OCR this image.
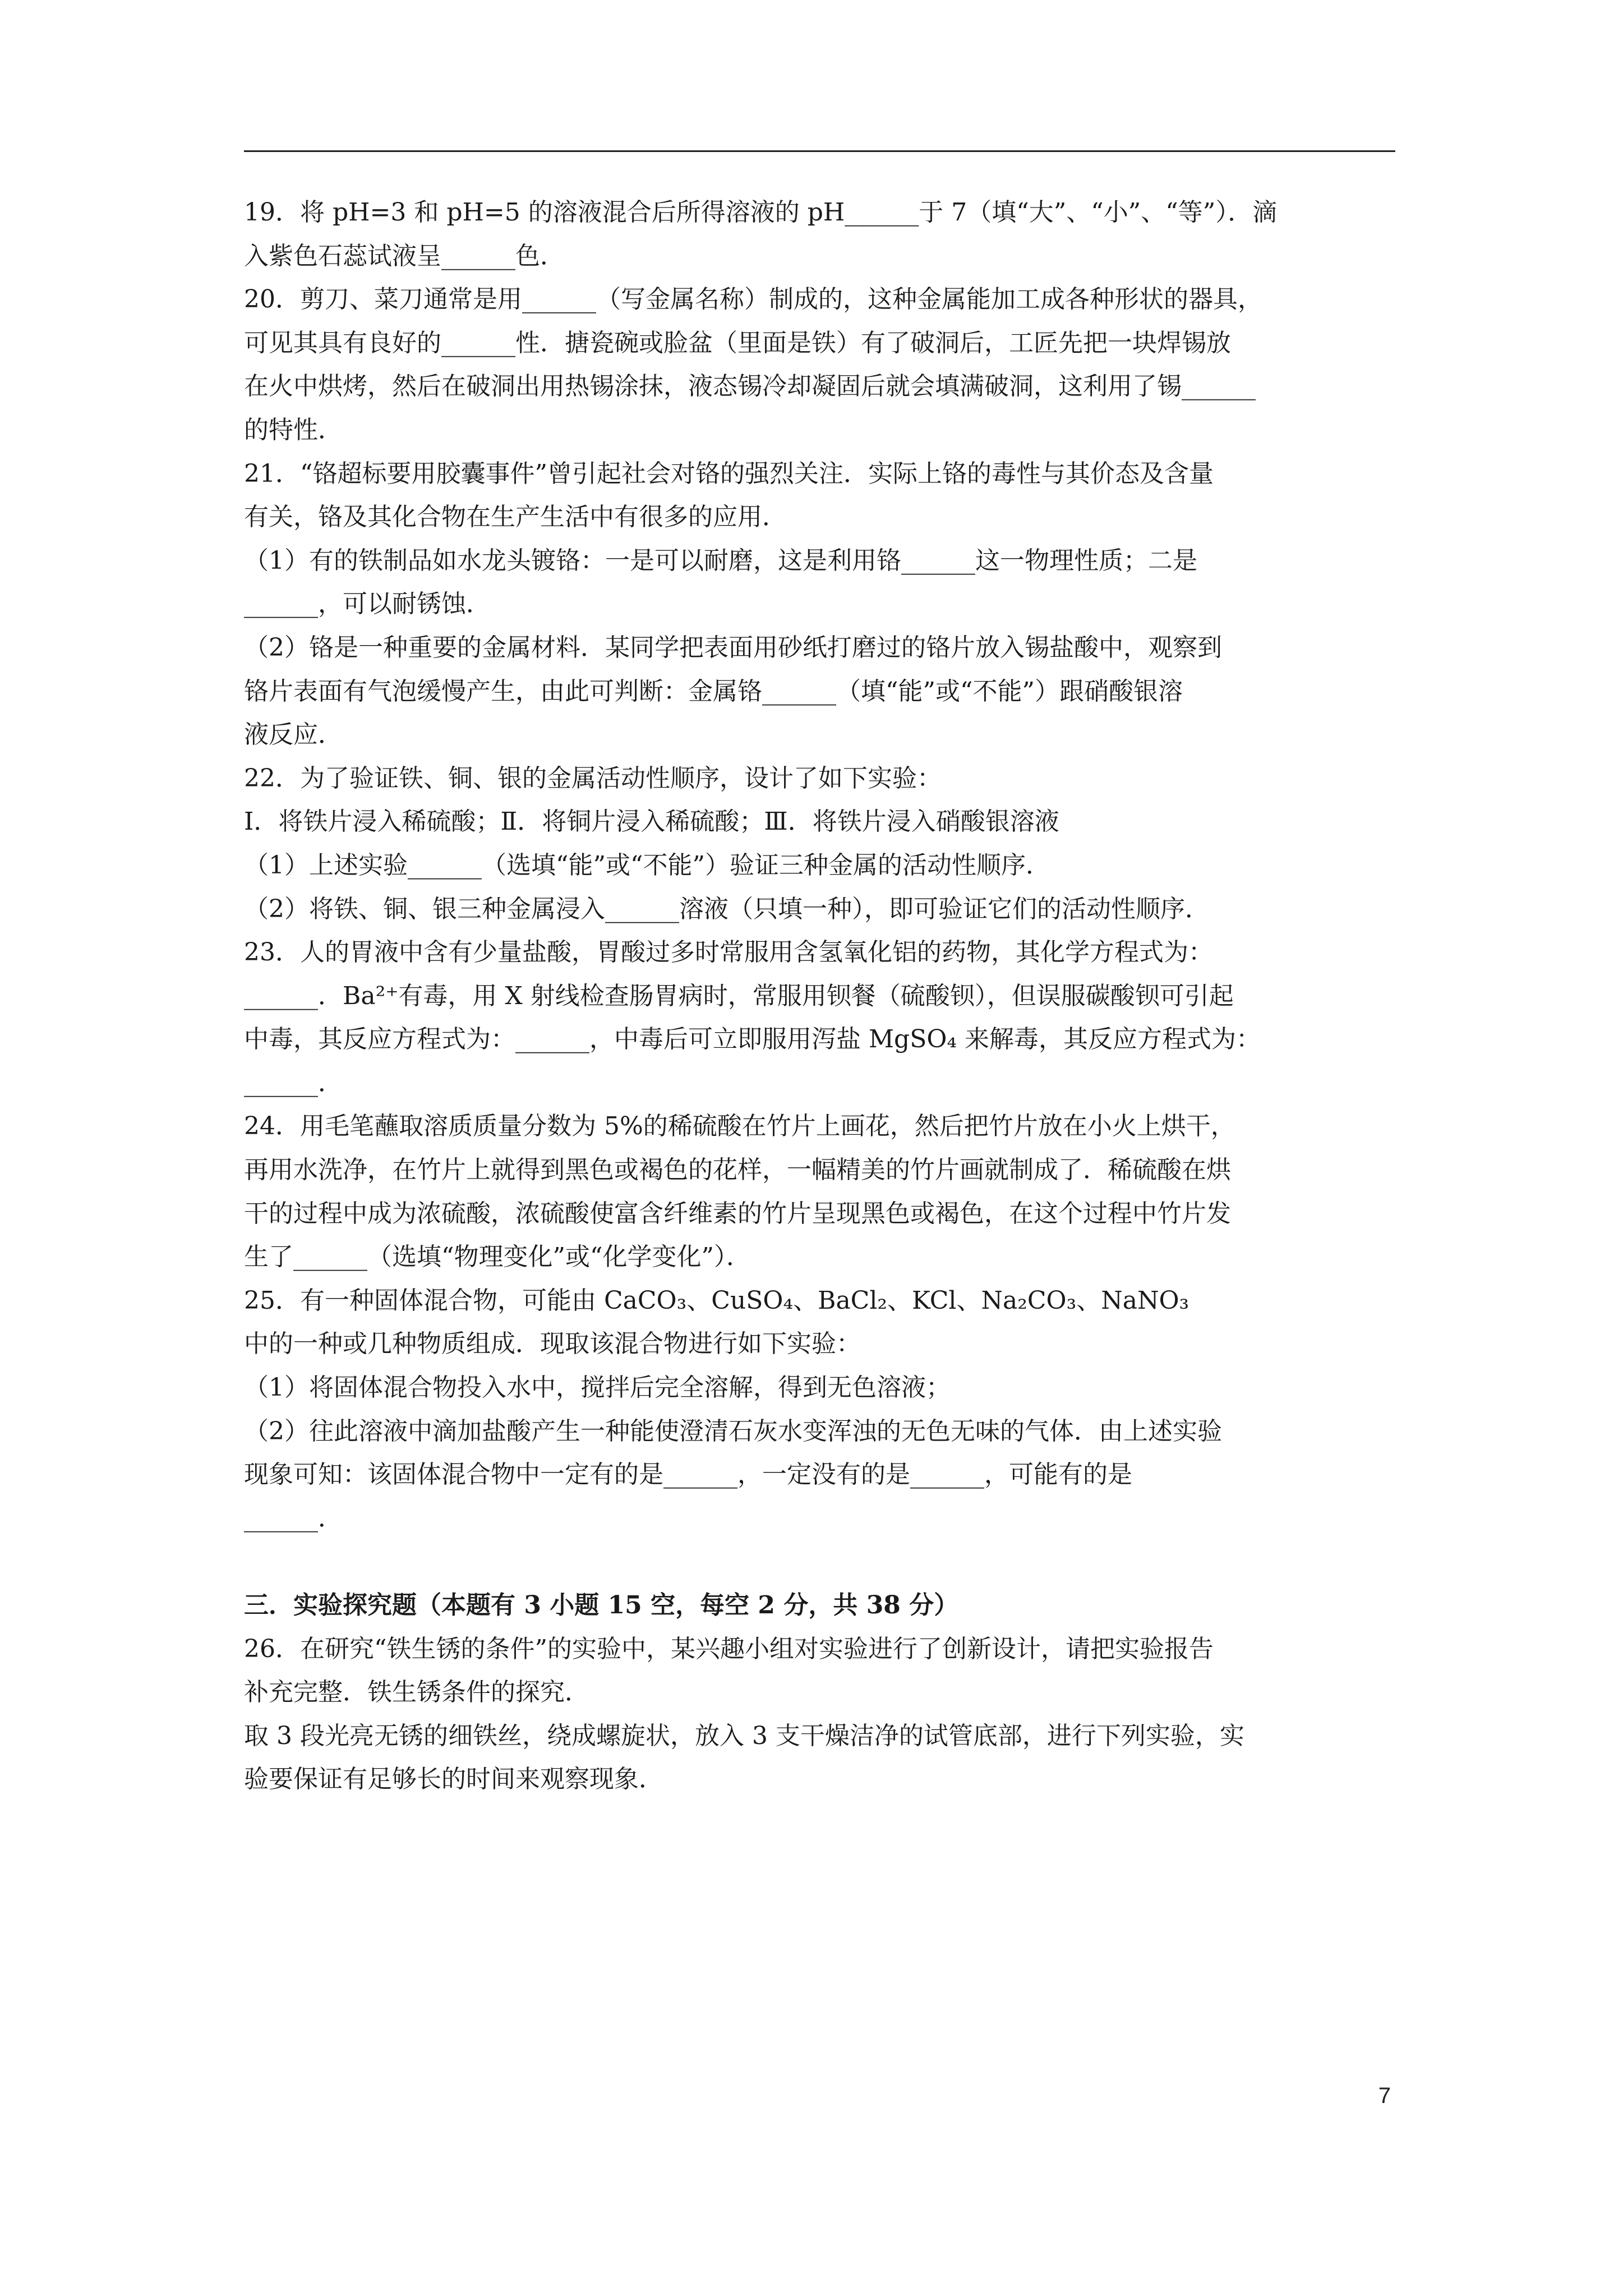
19．将 pH=3 和 pH=5 的溶液混合后所得溶液的 pH______于 7（填“大”、“小”、“等”）．滴
入紫色石蕊试液呈______色．
20．剪刀、菜刀通常是用______（写金属名称）制成的，这种金属能加工成各种形状的器具，
可见其具有良好的______性．搪瓷碗或脸盆（里面是铁）有了破洞后，工匠先把一块焊锡放
在火中烘烤，然后在破洞出用热锡涂抹，液态锡冷却凝固后就会填满破洞，这利用了锡______
的特性．
21．“铬超标要用胶囊事件”曾引起社会对铬的强烈关注．实际上铬的毒性与其价态及含量
有关，铬及其化合物在生产生活中有很多的应用．
（1）有的铁制品如水龙头镀铬：一是可以耐磨，这是利用铬______这一物理性质；二是
______，可以耐锈蚀．
（2）铬是一种重要的金属材料．某同学把表面用砂纸打磨过的铬片放入锡盐酸中，观察到
铬片表面有气泡缓慢产生，由此可判断：金属铬______（填“能”或“不能”）跟硝酸银溶
液反应．
22．为了验证铁、铜、银的金属活动性顺序，设计了如下实验：
Ⅰ．将铁片浸入稀硫酸；Ⅱ．将铜片浸入稀硫酸；Ⅲ．将铁片浸入硝酸银溶液
（1）上述实验______（选填“能”或“不能”）验证三种金属的活动性顺序．
（2）将铁、铜、银三种金属浸入______溶液（只填一种），即可验证它们的活动性顺序．
23．人的胃液中含有少量盐酸，胃酸过多时常服用含氢氧化铝的药物，其化学方程式为：
______．Ba²⁺有毒，用 X 射线检查肠胃病时，常服用钡餐（硫酸钡），但误服碳酸钡可引起
中毒，其反应方程式为：______，中毒后可立即服用泻盐 MgSO₄ 来解毒，其反应方程式为：
______．
24．用毛笔蘸取溶质质量分数为 5%的稀硫酸在竹片上画花，然后把竹片放在小火上烘干，
再用水洗净，在竹片上就得到黑色或褐色的花样，一幅精美的竹片画就制成了．稀硫酸在烘
干的过程中成为浓硫酸，浓硫酸使富含纤维素的竹片呈现黑色或褐色，在这个过程中竹片发
生了______（选填“物理变化”或“化学变化”）．
25．有一种固体混合物，可能由 CaCO₃、CuSO₄、BaCl₂、KCl、Na₂CO₃、NaNO₃
中的一种或几种物质组成．现取该混合物进行如下实验：
（1）将固体混合物投入水中，搅拌后完全溶解，得到无色溶液；
（2）往此溶液中滴加盐酸产生一种能使澄清石灰水变浑浊的无色无味的气体．由上述实验
现象可知：该固体混合物中一定有的是______，一定没有的是______，可能有的是
______．
三．实验探究题（本题有 3 小题 15 空，每空 2 分，共 38 分）
26．在研究“铁生锈的条件”的实验中，某兴趣小组对实验进行了创新设计，请把实验报告
补充完整．铁生锈条件的探究．
取 3 段光亮无锈的细铁丝，绕成螺旋状，放入 3 支干燥洁净的试管底部，进行下列实验，实
验要保证有足够长的时间来观察现象．
7
